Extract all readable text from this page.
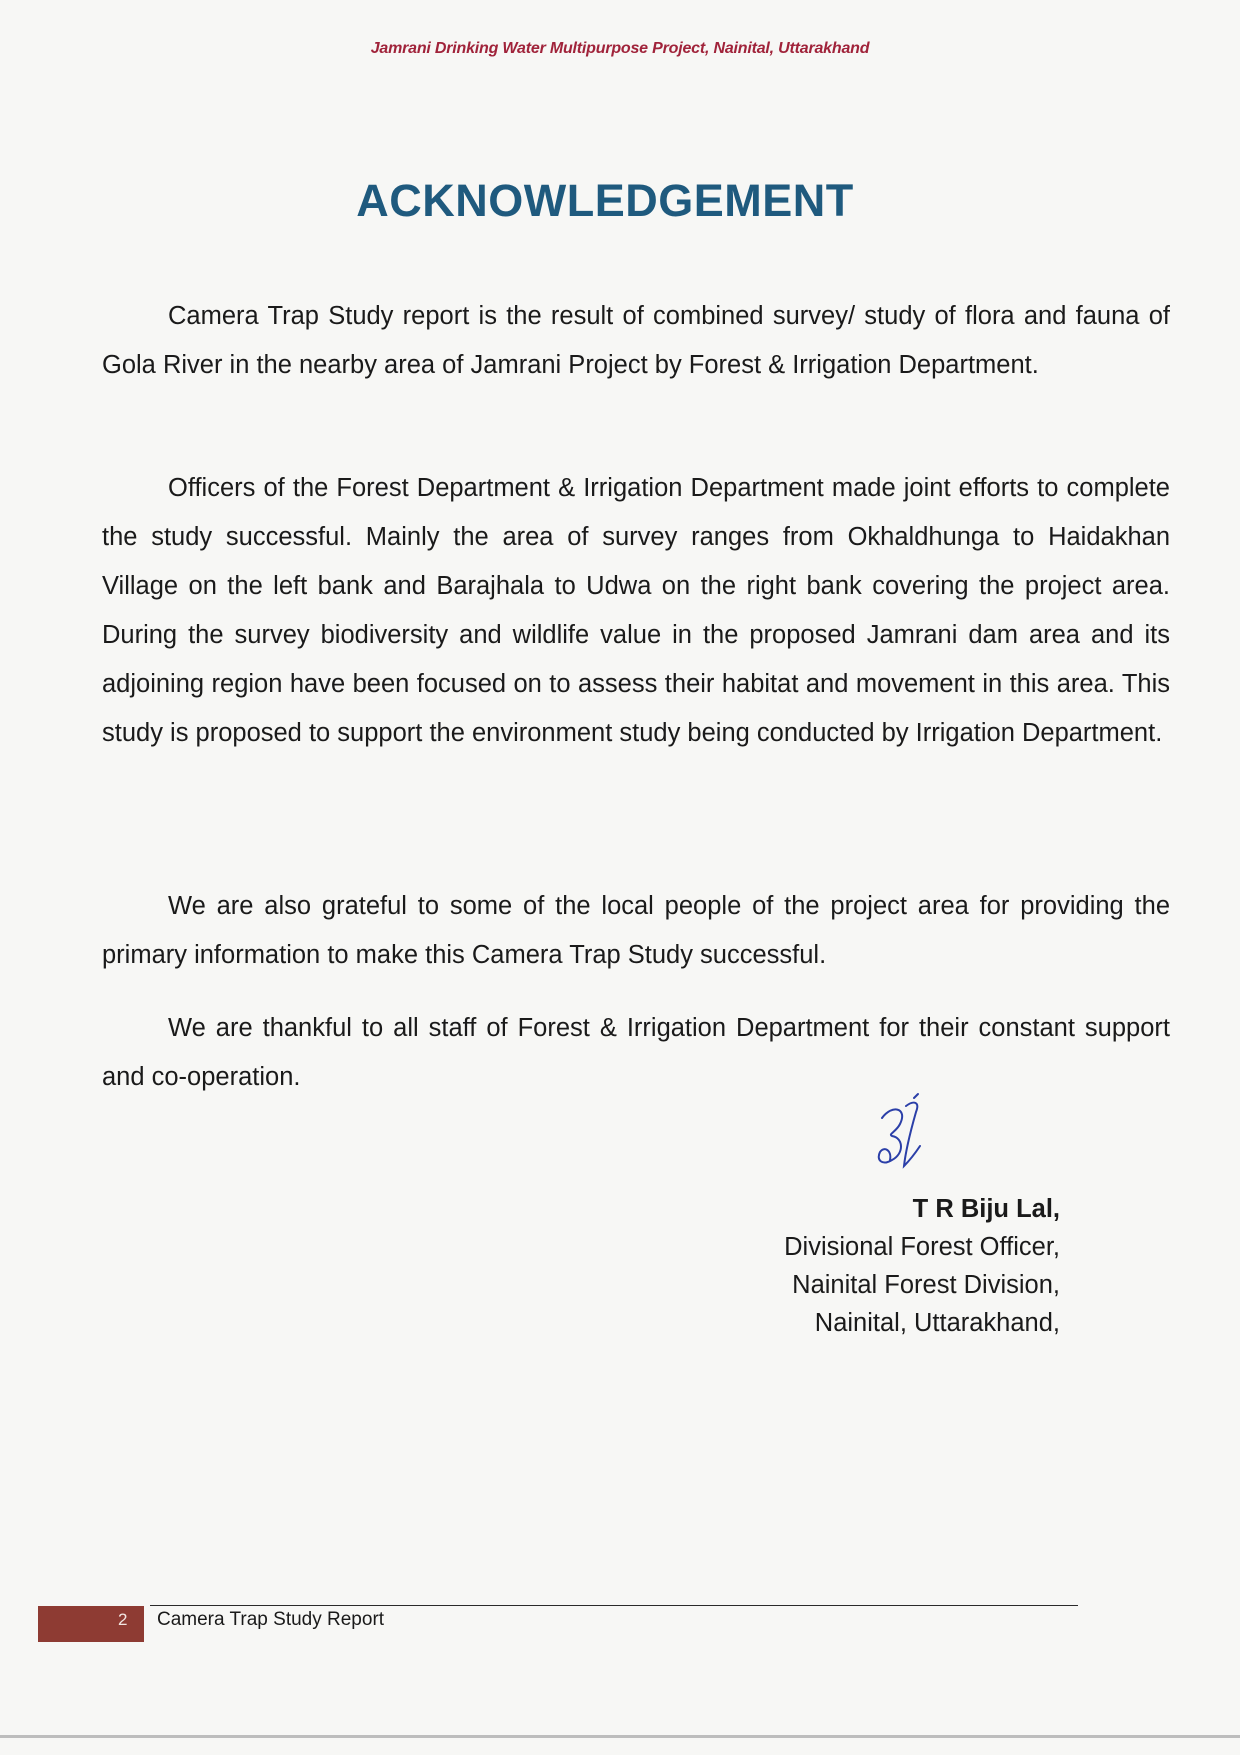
Jamrani Drinking Water Multipurpose Project, Nainital, Uttarakhand
ACKNOWLEDGEMENT

Camera Trap Study report is the result of combined survey/ study of flora and fauna of Gola River in the nearby area of Jamrani Project by Forest & Irrigation Department.

Officers of the Forest Department & Irrigation Department made joint efforts to complete the study successful. Mainly the area of survey ranges from Okhaldhunga to Haidakhan Village on the left bank and Barajhala to Udwa on the right bank covering the project area. During the survey biodiversity and wildlife value in the proposed Jamrani dam area and its adjoining region have been focused on to assess their habitat and movement in this area. This study is proposed to support the environment study being conducted by Irrigation Department.

We are also grateful to some of the local people of the project area for providing the primary information to make this Camera Trap Study successful.

We are thankful to all staff of Forest & Irrigation Department for their constant support and co-operation.

T R Biju Lal,
Divisional Forest Officer,
Nainital Forest Division,
Nainital, Uttarakhand,
2 Camera Trap Study Report
